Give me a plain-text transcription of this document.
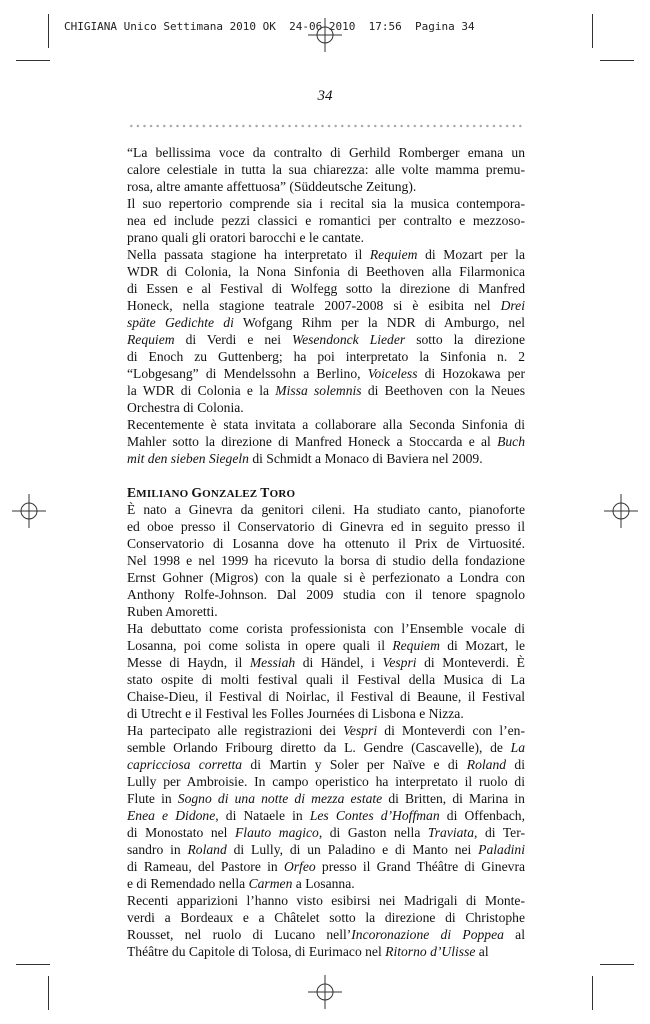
CHIGIANA Unico Settimana 2010 OK  24-06-2010  17:56  Pagina 34
34
“La bellissima voce da contralto di Gerhild Romberger emana un
calore celestiale in tutta la sua chiarezza: alle volte mamma premu-
rosa, altre amante affettuosa” (Süddeutsche Zeitung).
Il suo repertorio comprende sia i recital sia la musica contempora-
nea ed include pezzi classici e romantici per contralto e mezzoso-
prano quali gli oratori barocchi e le cantate.
Nella passata stagione ha interpretato il Requiem di Mozart per la
WDR di Colonia, la Nona Sinfonia di Beethoven alla Filarmonica
di Essen e al Festival di Wolfegg sotto la direzione di Manfred
Honeck, nella stagione teatrale 2007-2008 si è esibita nel Drei
späte Gedichte di Wofgang Rihm per la NDR di Amburgo, nel
Requiem di Verdi e nei Wesendonck Lieder sotto la direzione
di Enoch zu Guttenberg; ha poi interpretato la Sinfonia n. 2
“Lobgesang” di Mendelssohn a Berlino, Voiceless di Hozokawa per
la WDR di Colonia e la Missa solemnis di Beethoven con la Neues
Orchestra di Colonia.
Recentemente è stata invitata a collaborare alla Seconda Sinfonia di
Mahler sotto la direzione di Manfred Honeck a Stoccarda e al Buch
mit den sieben Siegeln di Schmidt a Monaco di Baviera nel 2009.
EMILIANO GONZALEZ TORO
È nato a Ginevra da genitori cileni. Ha studiato canto, pianoforte
ed oboe presso il Conservatorio di Ginevra ed in seguito presso il
Conservatorio di Losanna dove ha ottenuto il Prix de Virtuosité.
Nel 1998 e nel 1999 ha ricevuto la borsa di studio della fondazione
Ernst Gohner (Migros) con la quale si è perfezionato a Londra con
Anthony Rolfe-Johnson. Dal 2009 studia con il tenore spagnolo
Ruben Amoretti.
Ha debuttato come corista professionista con l’Ensemble vocale di
Losanna, poi come solista in opere quali il Requiem di Mozart, le
Messe di Haydn, il Messiah di Händel, i Vespri di Monteverdi. È
stato ospite di molti festival quali il Festival della Musica di La
Chaise-Dieu, il Festival di Noirlac, il Festival di Beaune, il Festival
di Utrecht e il Festival les Folles Journées di Lisbona e Nizza.
Ha partecipato alle registrazioni dei Vespri di Monteverdi con l’en-
semble Orlando Fribourg diretto da L. Gendre (Cascavelle), de La
capricciosa corretta di Martin y Soler per Naïve e di Roland di
Lully per Ambroisie. In campo operistico ha interpretato il ruolo di
Flute in Sogno di una notte di mezza estate di Britten, di Marina in
Enea e Didone, di Nataele in Les Contes d’Hoffman di Offenbach,
di Monostato nel Flauto magico, di Gaston nella Traviata, di Ter-
sandro in Roland di Lully, di un Paladino e di Manto nei Paladini
di Rameau, del Pastore in Orfeo presso il Grand Théâtre di Ginevra
e di Remendado nella Carmen a Losanna.
Recenti apparizioni l’hanno visto esibirsi nei Madrigali di Monte-
verdi a Bordeaux e a Châtelet sotto la direzione di Christophe
Rousset, nel ruolo di Lucano nell’Incoronazione di Poppea al
Théâtre du Capitole di Tolosa, di Eurimaco nel Ritorno d’Ulisse al
